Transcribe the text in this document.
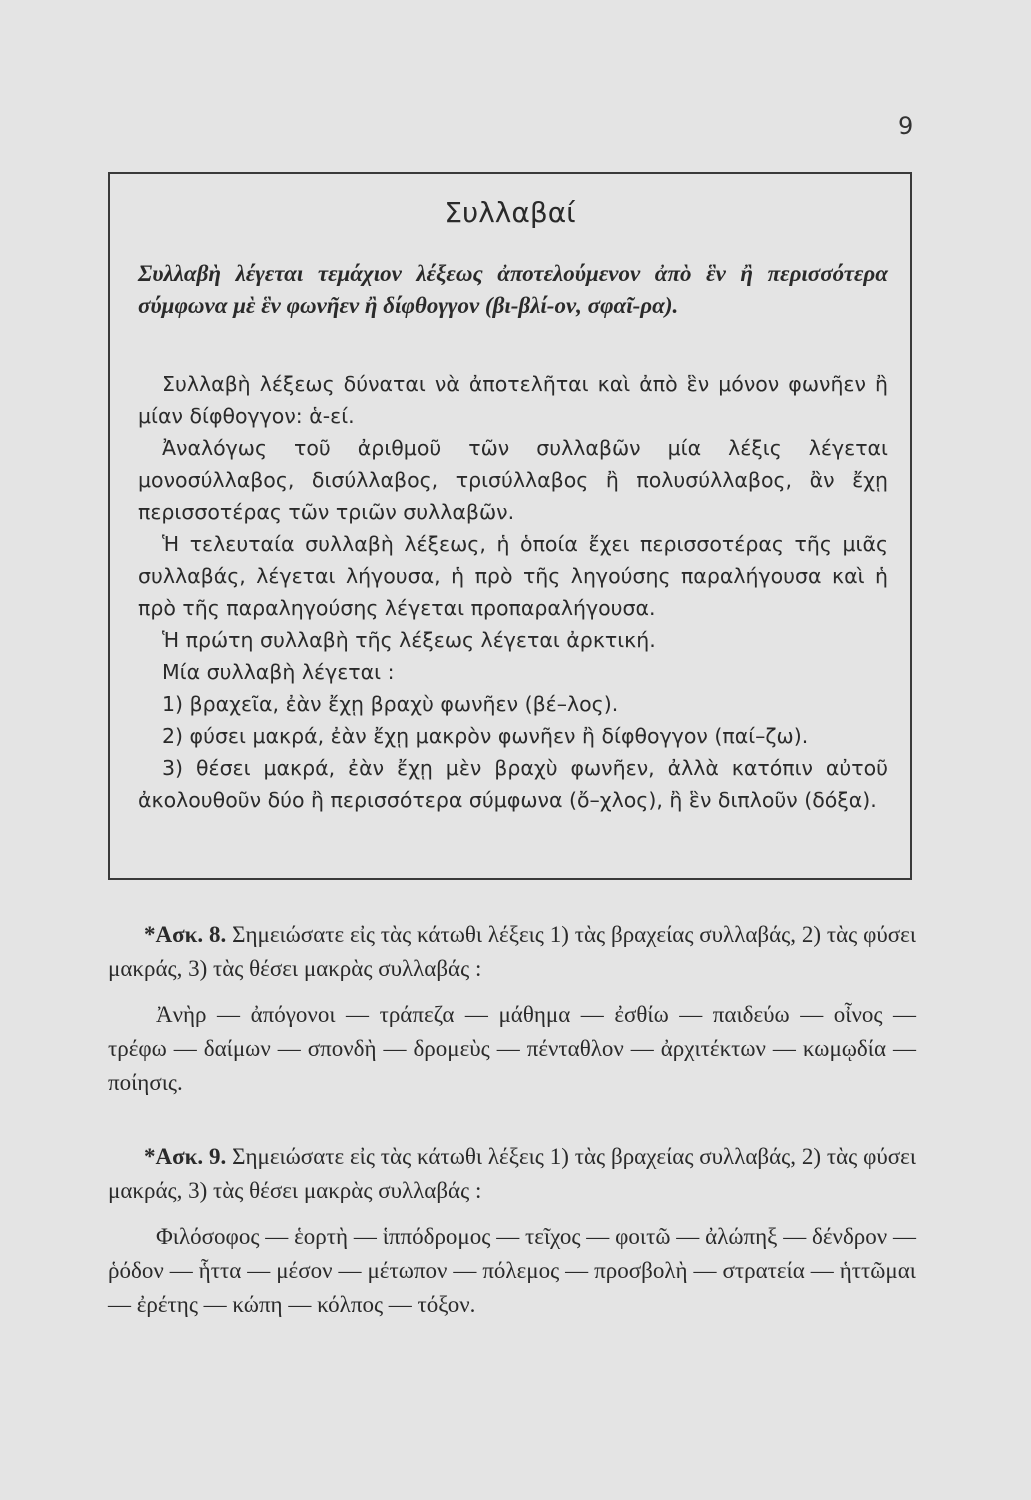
9
Συλλαβαί
Συλλαβὴ λέγεται τεμάχιον λέξεως ἀποτελούμενον ἀπὸ ἓν ἢ περισσότερα σύμφωνα μὲ ἓν φωνῆεν ἢ δίφθογγον (βι-βλί-ον, σφαῖ-ρα).

Συλλαβὴ λέξεως δύναται νὰ ἀποτελῆται καὶ ἀπὸ ἓν μόνον φωνῆεν ἢ μίαν δίφθογγον: ἁ-εί.

Ἀναλόγως τοῦ ἀριθμοῦ τῶν συλλαβῶν μία λέξις λέγεται μονοσύλλαβος, δισύλλαβος, τρισύλλαβος ἢ πολυσύλλαβος, ἂν ἔχῃ περισσοτέρας τῶν τριῶν συλλαβῶν.

Ἡ τελευταία συλλαβὴ λέξεως, ἡ ὁποία ἔχει περισσοτέρας τῆς μιᾶς συλλαβάς, λέγεται λήγουσα, ἡ πρὸ τῆς ληγούσης παραλήγουσα καὶ ἡ πρὸ τῆς παραληγούσης λέγεται προπαραλήγουσα.

Ἡ πρώτη συλλαβὴ τῆς λέξεως λέγεται ἀρκτική.

Μία συλλαβὴ λέγεται :

1) βραχεῖα, ἐὰν ἔχῃ βραχὺ φωνῆεν (βέ–λος).

2) φύσει μακρά, ἐὰν ἔχῃ μακρὸν φωνῆεν ἢ δίφθογγον (παί–ζω).

3) θέσει μακρά, ἐὰν ἔχῃ μὲν βραχὺ φωνῆεν, ἀλλὰ κατόπιν αὐτοῦ ἀκολουθοῦν δύο ἢ περισσότερα σύμφωνα (ὄ–χλος), ἢ ἓν διπλοῦν (δόξα).

*Ασκ. 8. Σημειώσατε εἰς τὰς κάτωθι λέξεις 1) τὰς βραχείας συλλαβάς, 2) τὰς φύσει μακράς, 3) τὰς θέσει μακρὰς συλλαβάς :

Ἀνὴρ — ἀπόγονοι — τράπεζα — μάθημα — ἐσθίω — παιδεύω — οἶνος — τρέφω — δαίμων — σπονδὴ — δρομεὺς — πένταθλον — ἀρχιτέκτων — κωμῳδία — ποίησις.

*Ασκ. 9. Σημειώσατε εἰς τὰς κάτωθι λέξεις 1) τὰς βραχείας συλλαβάς, 2) τὰς φύσει μακράς, 3) τὰς θέσει μακρὰς συλλαβάς :

Φιλόσοφος — ἑορτὴ — ἱππόδρομος — τεῖχος — φοιτῶ — ἀλώπηξ — δένδρον — ῥόδον — ἧττα — μέσον — μέτωπον — πόλεμος — προσβολὴ — στρατεία — ἡττῶμαι — ἐρέτης — κώπη — κόλπος — τόξον.
